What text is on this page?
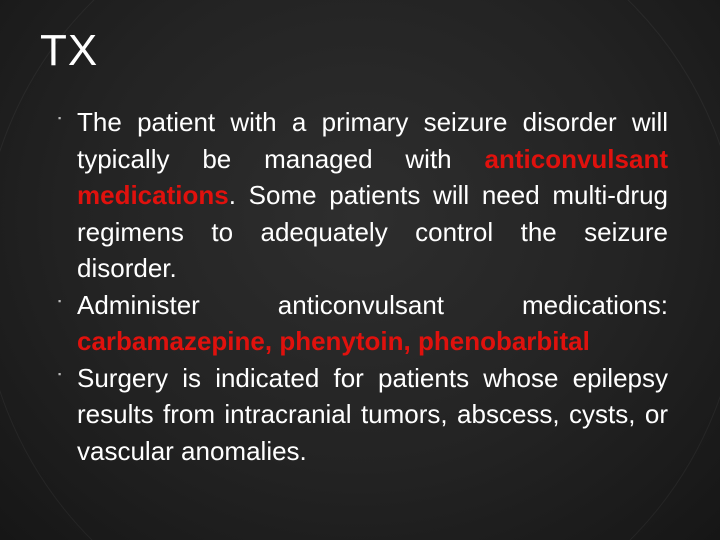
TX
▪ The patient with a primary seizure disorder will typically be managed with anticonvulsant medications. Some patients will need multi-drug regimens to adequately control the seizure disorder.
▪ Administer anticonvulsant medications: carbamazepine, phenytoin, phenobarbital
▪ Surgery is indicated for patients whose epilepsy results from intracranial tumors, abscess, cysts, or vascular anomalies.
